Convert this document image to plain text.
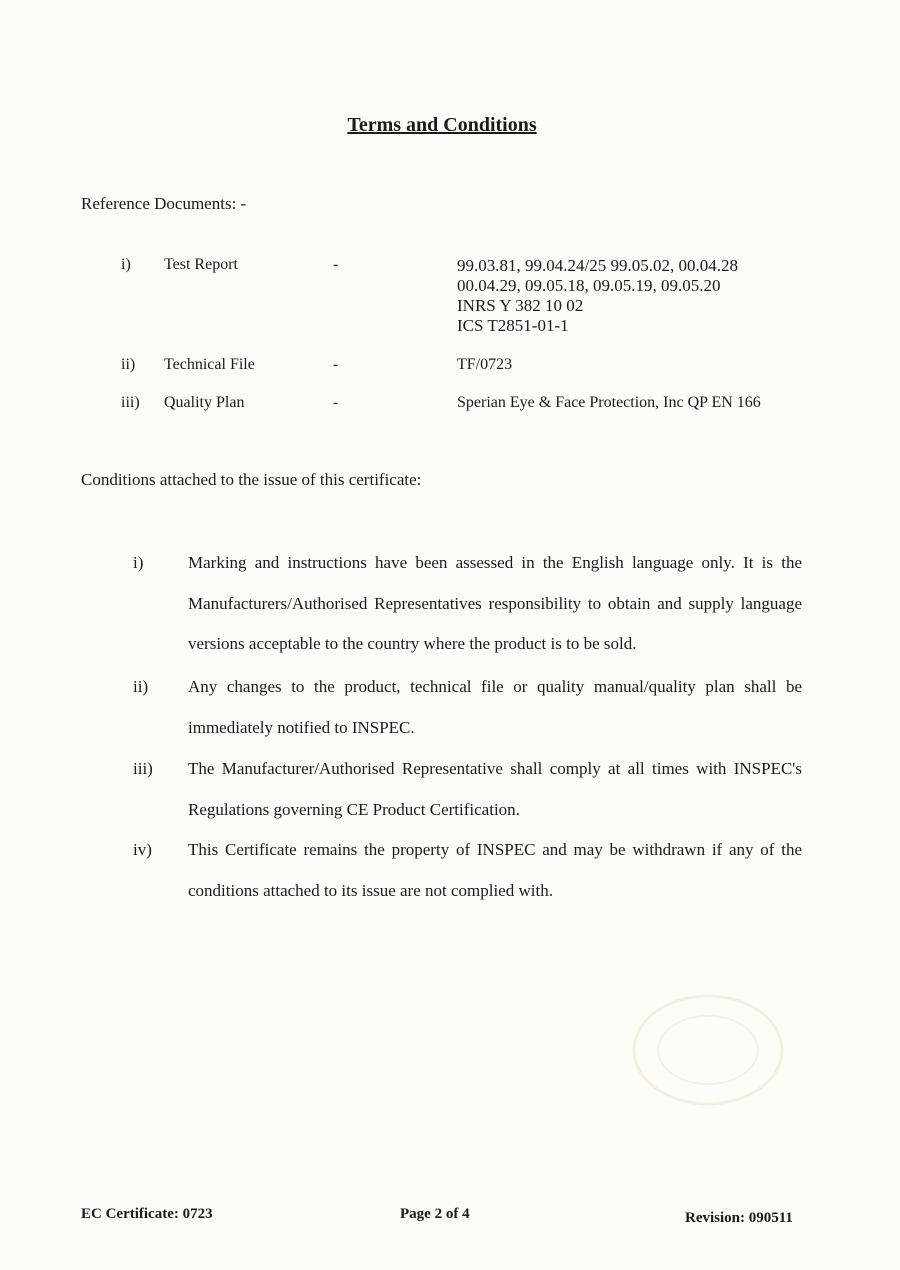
Terms and Conditions
Reference Documents: -
i) Test Report	-	99.03.81, 99.04.24/25 99.05.02, 00.04.28
00.04.29, 09.05.18, 09.05.19, 09.05.20
INRS Y 382 10 02
ICS T2851-01-1
ii) Technical File	-	TF/0723
iii) Quality Plan	-	Sperian Eye & Face Protection, Inc QP EN 166
Conditions attached to the issue of this certificate:
i)	Marking and instructions have been assessed in the English language only. It is the Manufacturers/Authorised Representatives responsibility to obtain and supply language versions acceptable to the country where the product is to be sold.
ii) Any changes to the product, technical file or quality manual/quality plan shall be immediately notified to INSPEC.
iii) The Manufacturer/Authorised Representative shall comply at all times with INSPEC's Regulations governing CE Product Certification.
iv) This Certificate remains the property of INSPEC and may be withdrawn if any of the conditions attached to its issue are not complied with.
EC Certificate: 0723	Page 2 of 4	Revision: 090511
